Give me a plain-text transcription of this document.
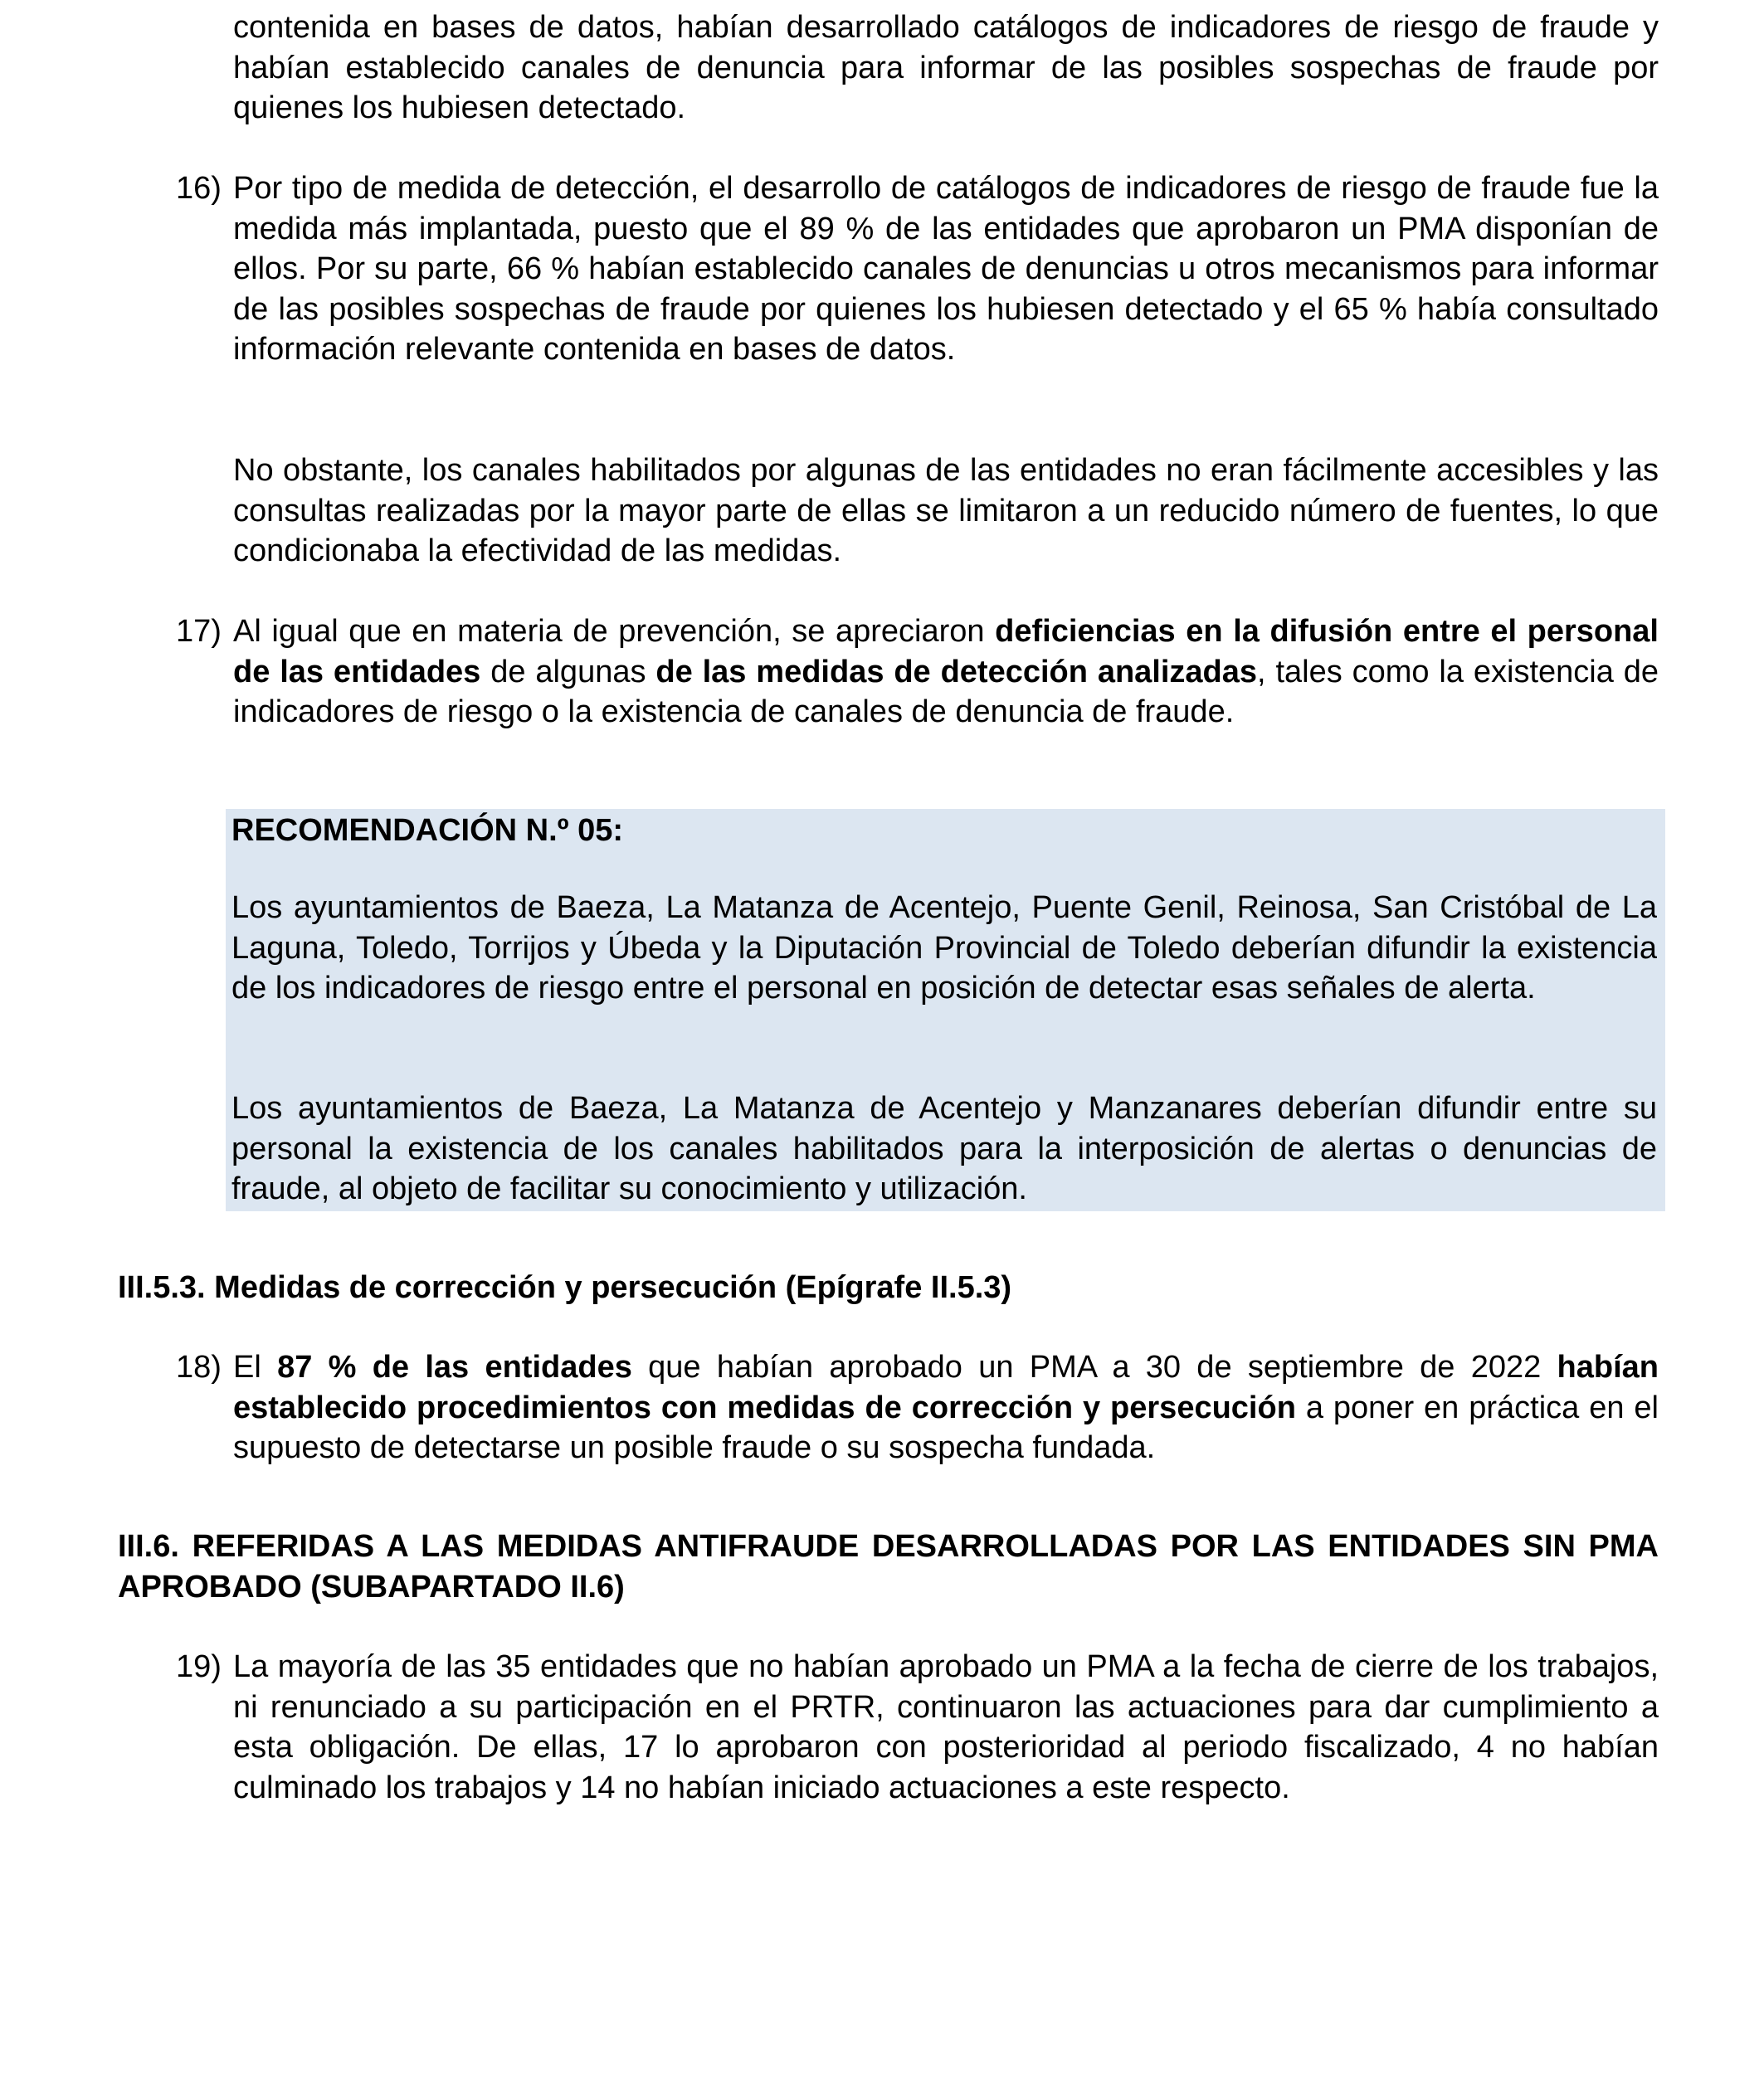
contenida en bases de datos, habían desarrollado catálogos de indicadores de riesgo de fraude y habían establecido canales de denuncia para informar de las posibles sospechas de fraude por quienes los hubiesen detectado.

16) Por tipo de medida de detección, el desarrollo de catálogos de indicadores de riesgo de fraude fue la medida más implantada, puesto que el 89 % de las entidades que aprobaron un PMA disponían de ellos. Por su parte, 66 % habían establecido canales de denuncias u otros mecanismos para informar de las posibles sospechas de fraude por quienes los hubiesen detectado y el 65 % había consultado información relevante contenida en bases de datos.

No obstante, los canales habilitados por algunas de las entidades no eran fácilmente accesibles y las consultas realizadas por la mayor parte de ellas se limitaron a un reducido número de fuentes, lo que condicionaba la efectividad de las medidas.

17) Al igual que en materia de prevención, se apreciaron deficiencias en la difusión entre el personal de las entidades de algunas de las medidas de detección analizadas, tales como la existencia de indicadores de riesgo o la existencia de canales de denuncia de fraude.

RECOMENDACIÓN N.º 05:

Los ayuntamientos de Baeza, La Matanza de Acentejo, Puente Genil, Reinosa, San Cristóbal de La Laguna, Toledo, Torrijos y Úbeda y la Diputación Provincial de Toledo deberían difundir la existencia de los indicadores de riesgo entre el personal en posición de detectar esas señales de alerta.

Los ayuntamientos de Baeza, La Matanza de Acentejo y Manzanares deberían difundir entre su personal la existencia de los canales habilitados para la interposición de alertas o denuncias de fraude, al objeto de facilitar su conocimiento y utilización.

III.5.3. Medidas de corrección y persecución (Epígrafe II.5.3)
18) El 87 % de las entidades que habían aprobado un PMA a 30 de septiembre de 2022 habían establecido procedimientos con medidas de corrección y persecución a poner en práctica en el supuesto de detectarse un posible fraude o su sospecha fundada.

III.6. REFERIDAS A LAS MEDIDAS ANTIFRAUDE DESARROLLADAS POR LAS ENTIDADES SIN PMA APROBADO (SUBAPARTADO II.6)
19) La mayoría de las 35 entidades que no habían aprobado un PMA a la fecha de cierre de los trabajos, ni renunciado a su participación en el PRTR, continuaron las actuaciones para dar cumplimiento a esta obligación. De ellas, 17 lo aprobaron con posterioridad al periodo fiscalizado, 4 no habían culminado los trabajos y 14 no habían iniciado actuaciones a este respecto.
